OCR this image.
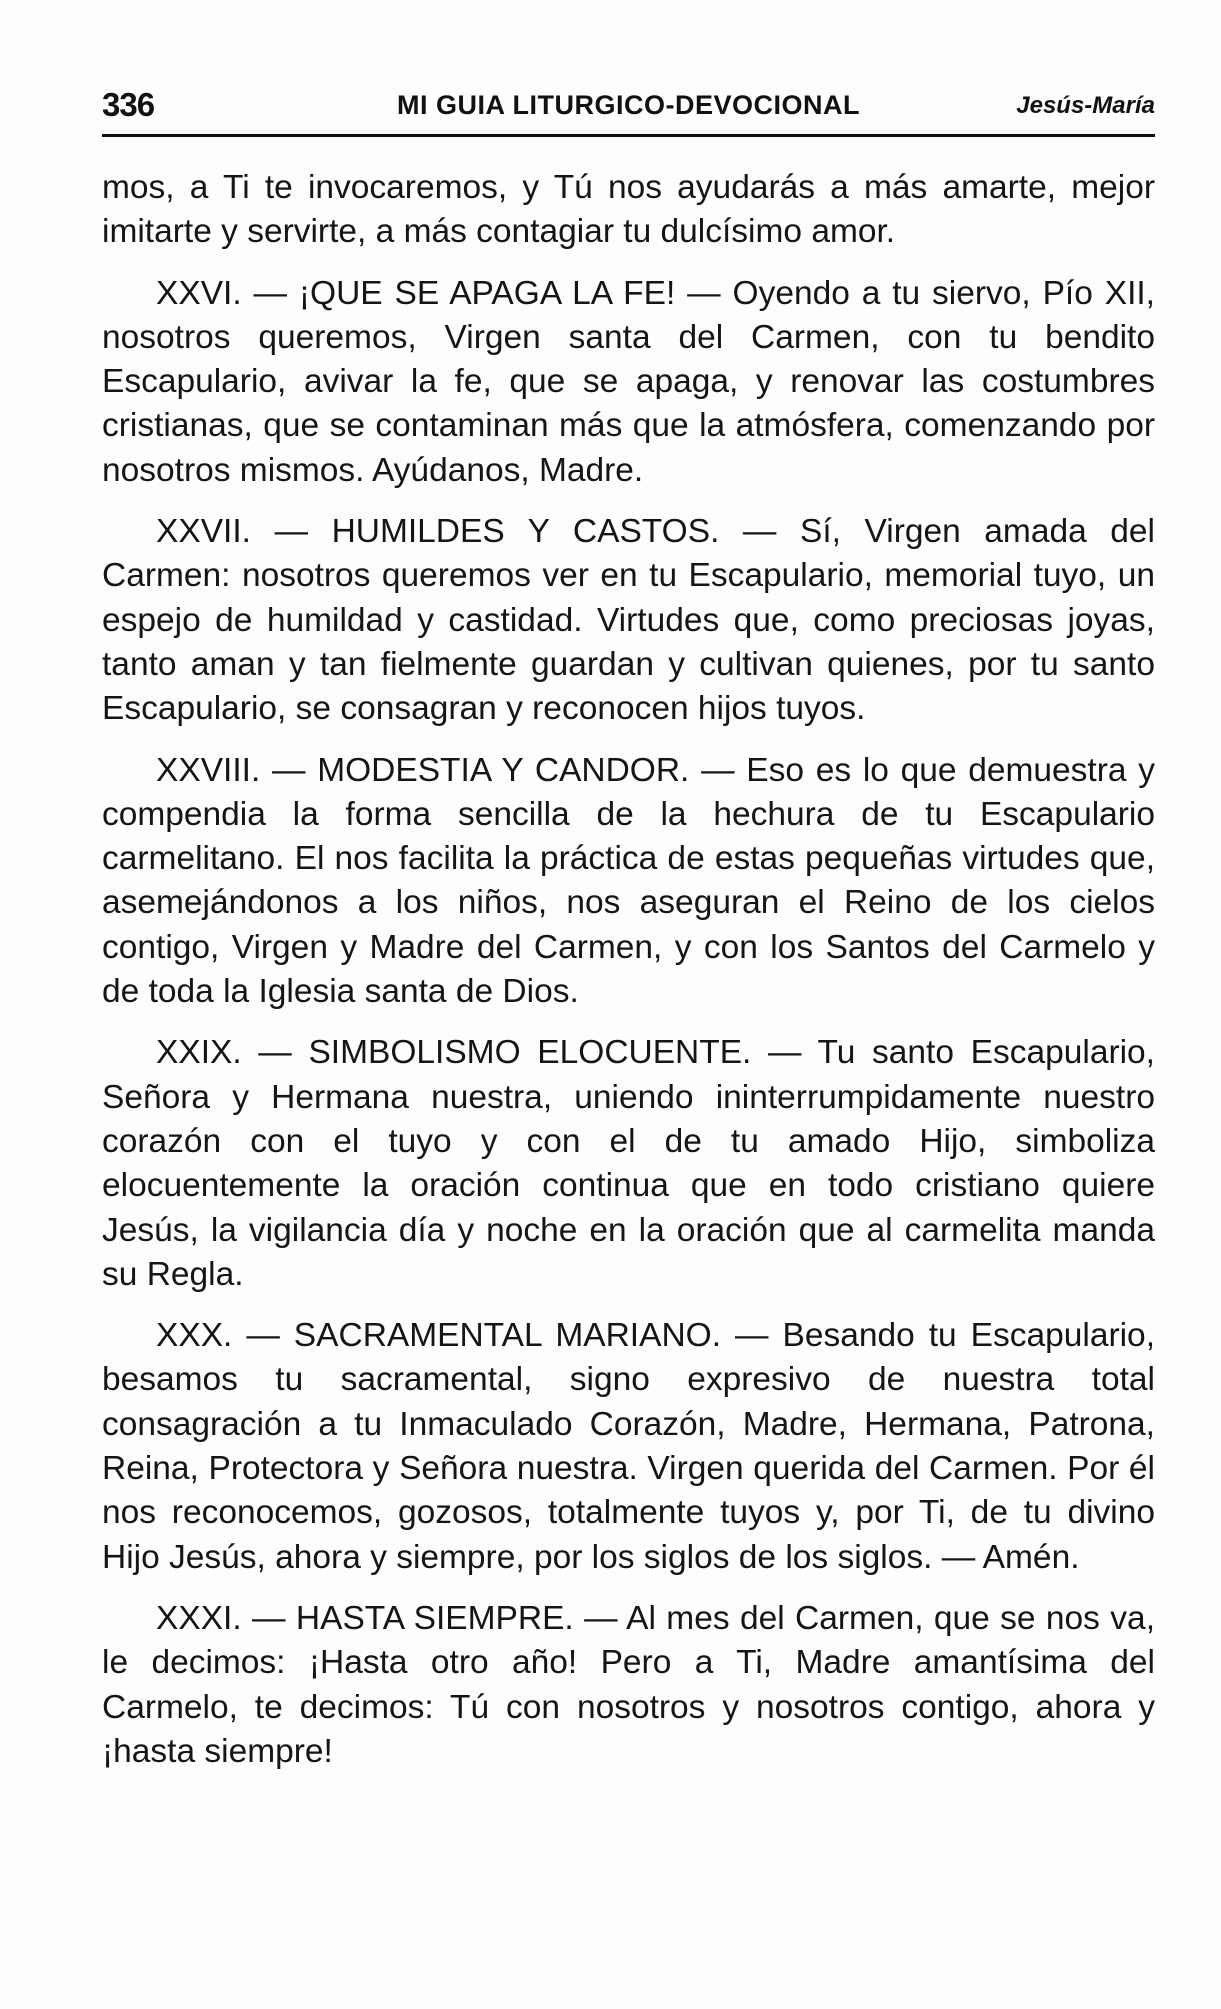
336	MI GUIA LITURGICO-DEVOCIONAL	Jesús-María

mos, a Ti te invocaremos, y Tú nos ayudarás a más amarte, mejor imitarte y servirte, a más contagiar tu dulcísimo amor.

XXVI. — ¡QUE SE APAGA LA FE! — Oyendo a tu siervo, Pío XII, nosotros queremos, Virgen santa del Carmen, con tu bendito Escapulario, avivar la fe, que se apaga, y renovar las costumbres cristianas, que se contaminan más que la atmósfera, comenzando por nosotros mismos. Ayúdanos, Madre.

XXVII. — HUMILDES Y CASTOS. — Sí, Virgen amada del Carmen: nosotros queremos ver en tu Escapulario, memorial tuyo, un espejo de humildad y castidad. Virtudes que, como preciosas joyas, tanto aman y tan fielmente guardan y cultivan quienes, por tu santo Escapulario, se consagran y reconocen hijos tuyos.

XXVIII. — MODESTIA Y CANDOR. — Eso es lo que demuestra y compendia la forma sencilla de la hechura de tu Escapulario carmelitano. El nos facilita la práctica de estas pequeñas virtudes que, asemejándonos a los niños, nos aseguran el Reino de los cielos contigo, Virgen y Madre del Carmen, y con los Santos del Carmelo y de toda la Iglesia santa de Dios.

XXIX. — SIMBOLISMO ELOCUENTE. — Tu santo Escapulario, Señora y Hermana nuestra, uniendo ininterrumpidamente nuestro corazón con el tuyo y con el de tu amado Hijo, simboliza elocuentemente la oración continua que en todo cristiano quiere Jesús, la vigilancia día y noche en la oración que al carmelita manda su Regla.

XXX. — SACRAMENTAL MARIANO. — Besando tu Escapulario, besamos tu sacramental, signo expresivo de nuestra total consagración a tu Inmaculado Corazón, Madre, Hermana, Patrona, Reina, Protectora y Señora nuestra. Virgen querida del Carmen. Por él nos reconocemos, gozosos, totalmente tuyos y, por Ti, de tu divino Hijo Jesús, ahora y siempre, por los siglos de los siglos. — Amén.

XXXI. — HASTA SIEMPRE. — Al mes del Carmen, que se nos va, le decimos: ¡Hasta otro año! Pero a Ti, Madre amantísima del Carmelo, te decimos: Tú con nosotros y nosotros contigo, ahora y ¡hasta siempre!
